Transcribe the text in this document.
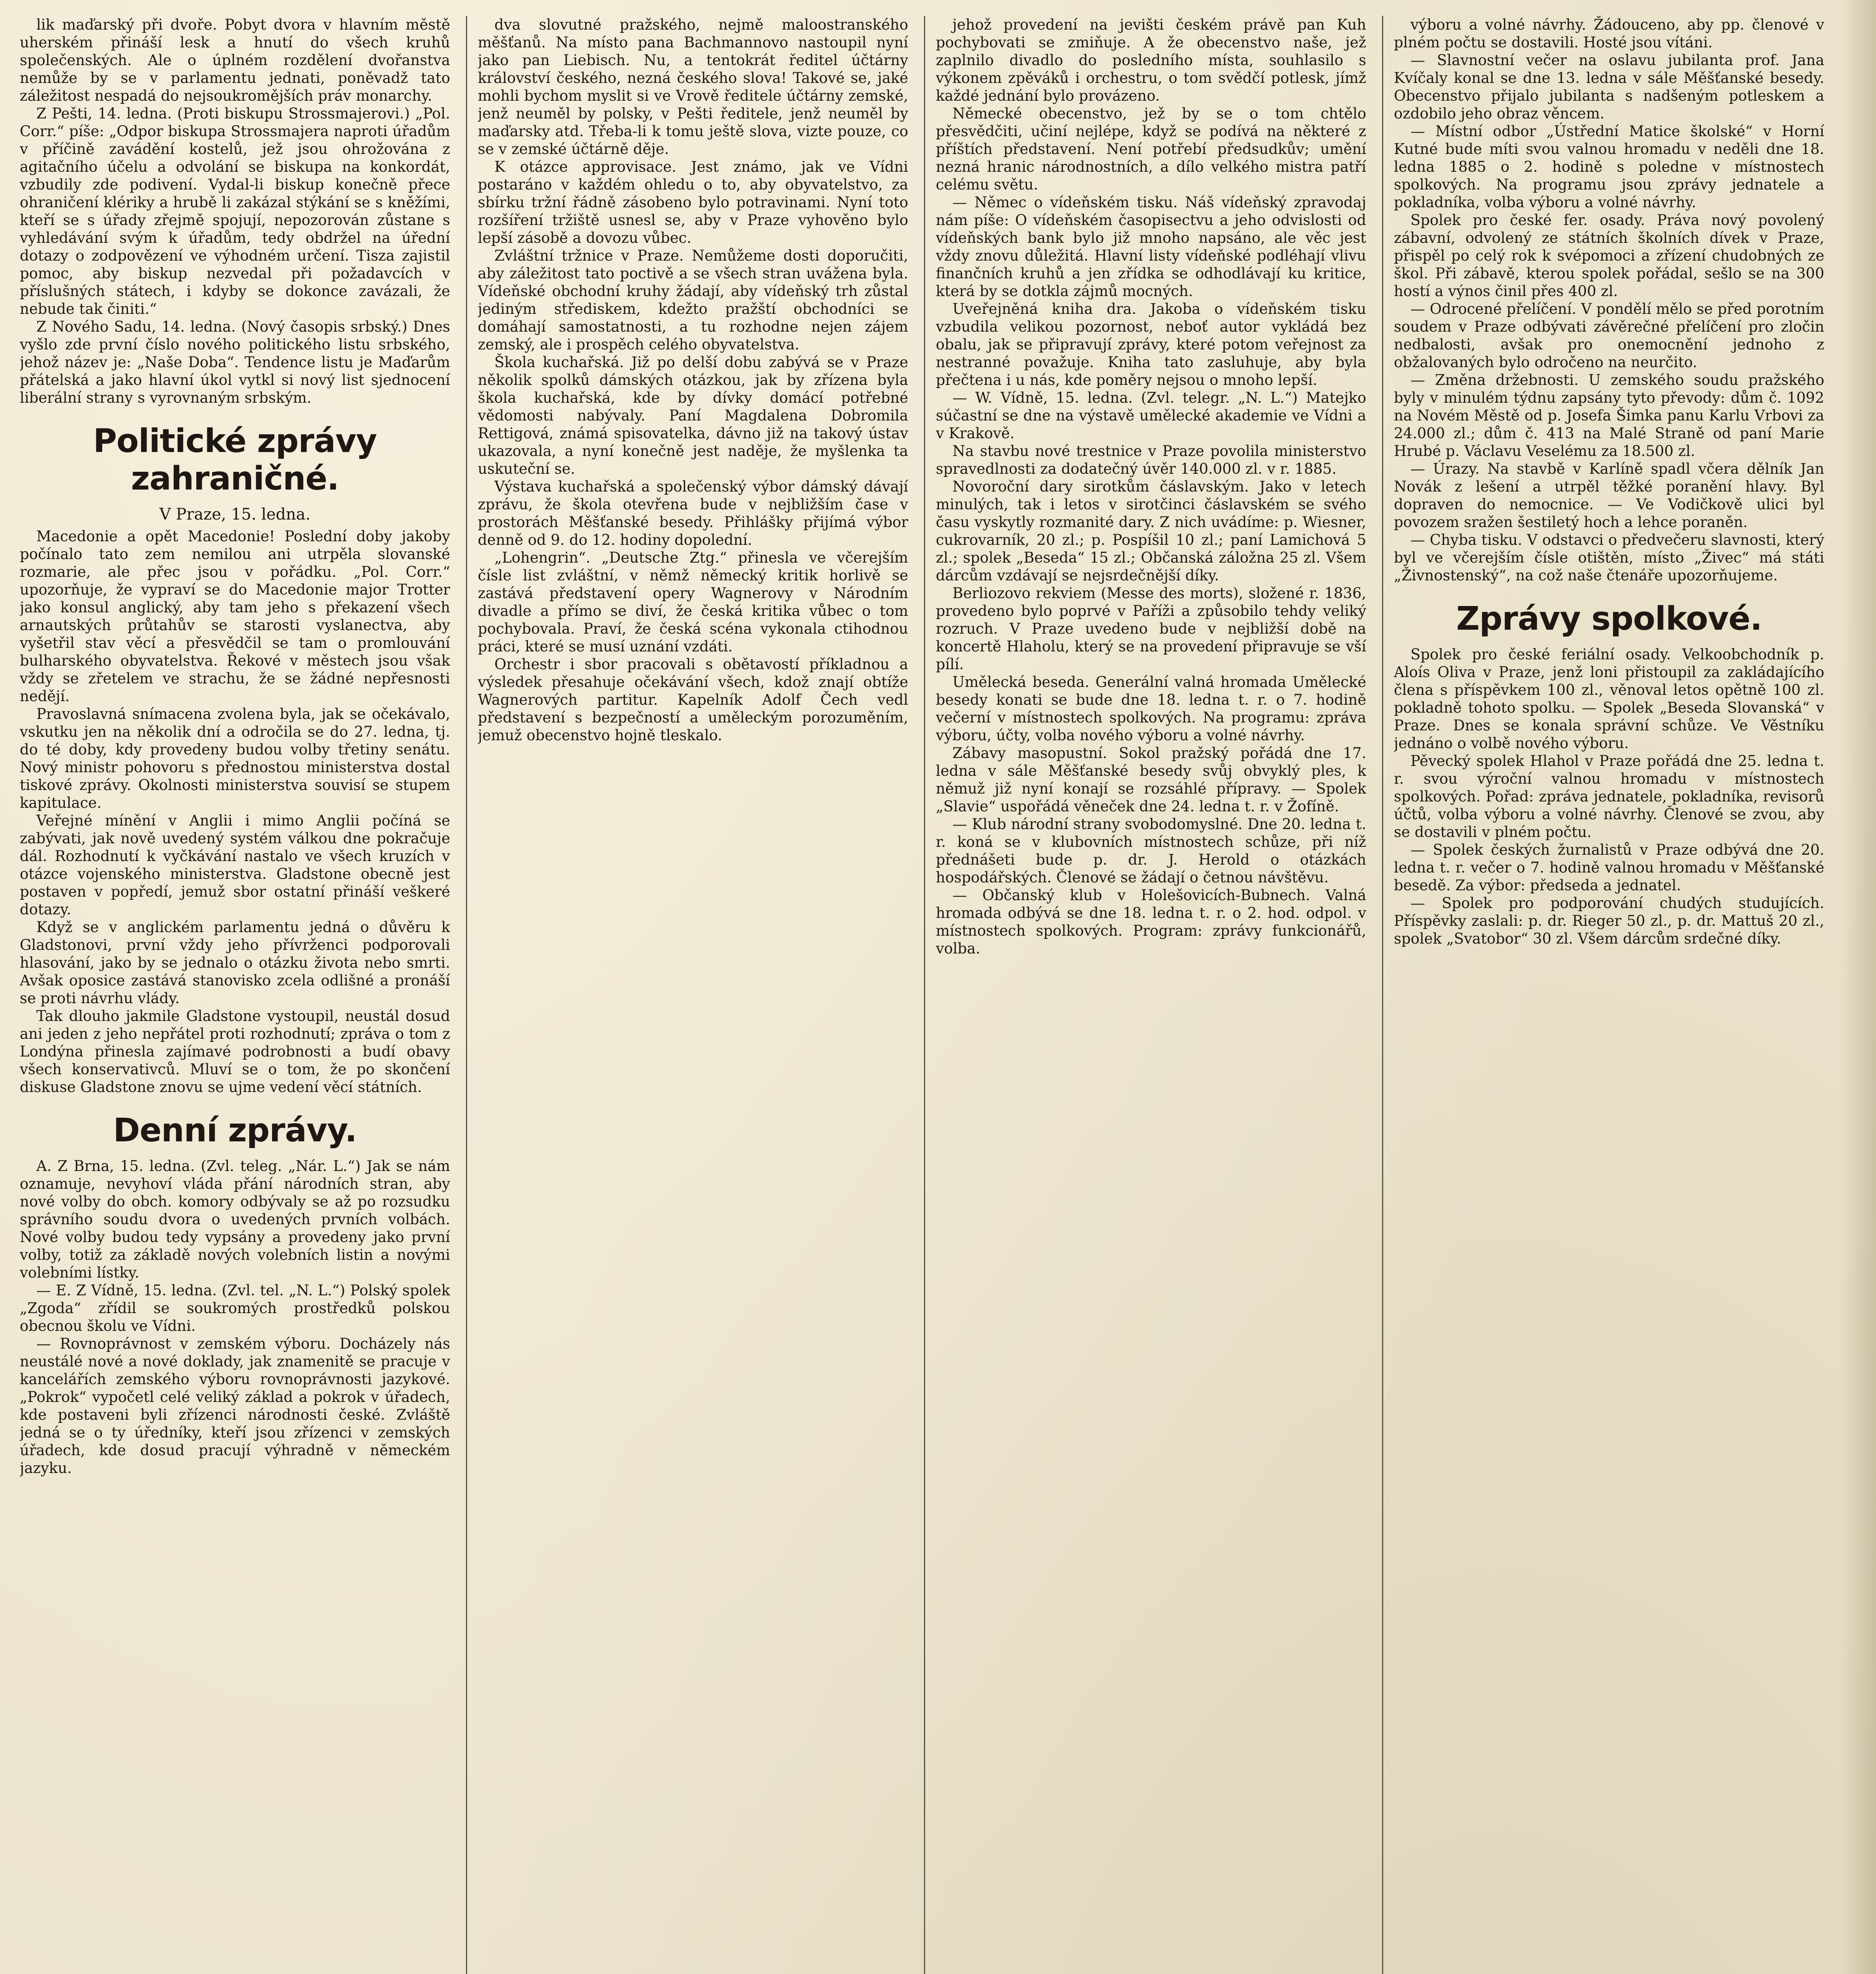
lik maďarský při dvoře. Pobyt dvora v hlavním městě uherském přináší lesk a hnutí do všech kruhů společenských. Ale o úplném rozdělení dvořanstva nemůže by se v parlamentu jednati, poněvadž tato záležitost nespadá do nejsoukromějších práv monarchy.

Z Pešti, 14. ledna. (Proti biskupu Strossmajerovi.) „Pol. Corr.“ píše: „Odpor biskupa Strossmajera naproti úřadům v příčině zavádění kostelů, jež jsou ohrožována z agitačního účelu a odvolání se biskupa na konkordát, vzbudily zde podivení. Vydal-li biskup konečně přece ohraničení klériky a hrubě li zakázal stýkání se s kněžími, kteří se s úřady zřejmě spojují, nepozorován zůstane s vyhledávání svým k úřadům, tedy obdržel na úřední dotazy o zodpovězení ve výhodném určení. Tisza zajistil pomoc, aby biskup nezvedal při požadavcích v příslušných státech, i kdyby se dokonce zavázali, že nebude tak činiti.“

Z Nového Sadu, 14. ledna. (Nový časopis srbský.) Dnes vyšlo zde první číslo nového politického listu srbského, jehož název je: „Naše Doba“. Tendence listu je Maďarům přátelská a jako hlavní úkol vytkl si nový list sjednocení liberální strany s vyrovnaným srbským.

Politické zprávy zahraničné.
V Praze, 15. ledna.

Macedonie a opět Macedonie! Poslední doby jakoby počínalo tato zem nemilou ani utrpěla slovanské rozmarie, ale přec jsou v pořádku. „Pol. Corr.“ upozorňuje, že vypraví se do Macedonie major Trotter jako konsul anglický, aby tam jeho s překazení všech arnautských průtahův se starosti vyslanectva, aby vyšetřil stav věcí a přesvědčil se tam o promlouvání bulharského obyvatelstva. Řekové v městech jsou však vždy se zřetelem ve strachu, že se žádné nepřesnosti nedějí.

Pravoslavná snímacena zvolena byla, jak se očekávalo, vskutku jen na několik dní a odročila se do 27. ledna, tj. do té doby, kdy provedeny budou volby třetiny senátu. Nový ministr pohovoru s přednostou ministerstva dostal tiskové zprávy. Okolnosti ministerstva souvisí se stupem kapitulace.

Veřejné mínění v Anglii i mimo Anglii počíná se zabývati, jak nově uvedený systém válkou dne pokračuje dál. Rozhodnutí k vyčkávání nastalo ve všech kruzích v otázce vojenského ministerstva. Gladstone obecně jest postaven v popředí, jemuž sbor ostatní přináší veškeré dotazy.

Když se v anglickém parlamentu jedná o důvěru k Gladstonovi, první vždy jeho přívrženci podporovali hlasování, jako by se jednalo o otázku života nebo smrti. Avšak oposice zastává stanovisko zcela odlišné a pronáší se proti návrhu vlády.

Tak dlouho jakmile Gladstone vystoupil, neustál dosud ani jeden z jeho nepřátel proti rozhodnutí; zpráva o tom z Londýna přinesla zajímavé podrobnosti a budí obavy všech konservativců. Mluví se o tom, že po skončení diskuse Gladstone znovu se ujme vedení věcí státních.

Denní zprávy.

A. Z Brna, 15. ledna. (Zvl. teleg. „Nár. L.“) Jak se nám oznamuje, nevyhoví vláda přání národních stran, aby nové volby do obch. komory odbývaly se až po rozsudku správního soudu dvora o uvedených prvních volbách. Nové volby budou tedy vypsány a provedeny jako první volby, totiž za základě nových volebních listin a novými volebními lístky.

— E. Z Vídně, 15. ledna. (Zvl. tel. „N. L.“) Polský spolek „Zgoda“ zřídil se soukromých prostředků polskou obecnou školu ve Vídni.

— Rovnoprávnost v zemském výboru. Docházely nás neustálé nové a nové doklady, jak znamenitě se pracuje v kancelářích zemského výboru rovnoprávnosti jazykové. „Pokrok“ vypočetl celé veliký základ a pokrok v úřadech, kde postaveni byli zřízenci národnosti české. Zvláště jedná se o ty úředníky, kteří jsou zřízenci v zemských úřadech, kde dosud pracují výhradně v německém jazyku.

dva slovutné pražského, nejmě maloostranského měšťanů. Na místo pana Bachmannovo nastoupil nyní jako pan Liebisch. Nu, a tentokrát ředitel účtárny království českého, nezná českého slova! Takové se, jaké mohli bychom myslit si ve Vrově ředitele účtárny zemské, jenž neuměl by polsky, v Pešti ředitele, jenž neuměl by maďarsky atd. Třeba-li k tomu ještě slova, vizte pouze, co se v zemské účtárně děje.

K otázce approvisace. Jest známo, jak ve Vídni postaráno v každém ohledu o to, aby obyvatelstvo, za sbírku tržní řádně zásobeno bylo potravinami. Nyní toto rozšíření tržiště usnesl se, aby v Praze vyhověno bylo lepší zásobě a dovozu vůbec.

Zvláštní tržnice v Praze. Nemůžeme dosti doporučiti, aby záležitost tato poctivě a se všech stran uvážena byla. Vídeňské obchodní kruhy žádají, aby vídeňský trh zůstal jediným střediskem, kdežto pražští obchodníci se domáhají samostatnosti, a tu rozhodne nejen zájem zemský, ale i prospěch celého obyvatelstva.

Škola kuchařská. Již po delší dobu zabývá se v Praze několik spolků dámských otázkou, jak by zřízena byla škola kuchařská, kde by dívky domácí potřebné vědomosti nabývaly. Paní Magdalena Dobromila Rettigová, známá spisovatelka, dávno již na takový ústav ukazovala, a nyní konečně jest naděje, že myšlenka ta uskuteční se.

Výstava kuchařská a společenský výbor dámský dávají zprávu, že škola otevřena bude v nejbližším čase v prostorách Měšťanské besedy. Přihlášky přijímá výbor denně od 9. do 12. hodiny dopolední.

„Lohengrin“. „Deutsche Ztg.“ přinesla ve včerejším čísle list zvláštní, v němž německý kritik horlivě se zastává představení opery Wagnerovy v Národním divadle a přímo se diví, že česká kritika vůbec o tom pochybovala. Praví, že česká scéna vykonala ctihodnou práci, které se musí uznání vzdáti.

Orchestr i sbor pracovali s obětavostí příkladnou a výsledek přesahuje očekávání všech, kdož znají obtíže Wagnerových partitur. Kapelník Adolf Čech vedl představení s bezpečností a uměleckým porozuměním, jemuž obecenstvo hojně tleskalo.

jehož provedení na jevišti českém právě pan Kuh pochybovati se zmiňuje. A že obecenstvo naše, jež zaplnilo divadlo do posledního místa, souhlasilo s výkonem zpěváků i orchestru, o tom svědčí potlesk, jímž každé jednání bylo provázeno.

Německé obecenstvo, jež by se o tom chtělo přesvědčiti, učiní nejlépe, když se podívá na některé z příštích představení. Není potřebí předsudkův; umění nezná hranic národnostních, a dílo velkého mistra patří celému světu.

— Němec o vídeňském tisku. Náš vídeňský zpravodaj nám píše: O vídeňském časopisectvu a jeho odvislosti od vídeňských bank bylo již mnoho napsáno, ale věc jest vždy znovu důležitá. Hlavní listy vídeňské podléhají vlivu finančních kruhů a jen zřídka se odhodlávají ku kritice, která by se dotkla zájmů mocných.

Uveřejněná kniha dra. Jakoba o vídeňském tisku vzbudila velikou pozornost, neboť autor vykládá bez obalu, jak se připravují zprávy, které potom veřejnost za nestranné považuje. Kniha tato zasluhuje, aby byla přečtena i u nás, kde poměry nejsou o mnoho lepší.

— W. Vídně, 15. ledna. (Zvl. telegr. „N. L.“) Matejko súčastní se dne na výstavě umělecké akademie ve Vídni a v Krakově.

Na stavbu nové trestnice v Praze povolila ministerstvo spravedlnosti za dodatečný úvěr 140.000 zl. v r. 1885.

Novoroční dary sirotkům čáslavským. Jako v letech minulých, tak i letos v sirotčinci čáslavském se svého času vyskytly rozmanité dary. Z nich uvádíme: p. Wiesner, cukrovarník, 20 zl.; p. Pospíšil 10 zl.; paní Lamichová 5 zl.; spolek „Beseda“ 15 zl.; Občanská záložna 25 zl. Všem dárcům vzdávají se nejsrdečnější díky.

Berliozovo rekviem (Messe des morts), složené r. 1836, provedeno bylo poprvé v Paříži a způsobilo tehdy veliký rozruch. V Praze uvedeno bude v nejbližší době na koncertě Hlaholu, který se na provedení připravuje se vší pílí.

Umělecká beseda. Generální valná hromada Umělecké besedy konati se bude dne 18. ledna t. r. o 7. hodině večerní v místnostech spolkových. Na programu: zpráva výboru, účty, volba nového výboru a volné návrhy.

Zábavy masopustní. Sokol pražský pořádá dne 17. ledna v sále Měšťanské besedy svůj obvyklý ples, k němuž již nyní konají se rozsáhlé přípravy. — Spolek „Slavie“ uspořádá věneček dne 24. ledna t. r. v Žofíně.

— Klub národní strany svobodomyslné. Dne 20. ledna t. r. koná se v klubovních místnostech schůze, při níž přednášeti bude p. dr. J. Herold o otázkách hospodářských. Členové se žádají o četnou návštěvu.

— Občanský klub v Holešovicích-Bubnech. Valná hromada odbývá se dne 18. ledna t. r. o 2. hod. odpol. v místnostech spolkových. Program: zprávy funkcionářů, volba.

výboru a volné návrhy. Žádouceno, aby pp. členové v plném počtu se dostavili. Hosté jsou vítáni.

— Slavnostní večer na oslavu jubilanta prof. Jana Kvíčaly konal se dne 13. ledna v sále Měšťanské besedy. Obecenstvo přijalo jubilanta s nadšeným potleskem a ozdobilo jeho obraz věncem.

— Místní odbor „Ústřední Matice školské“ v Horní Kutné bude míti svou valnou hromadu v neděli dne 18. ledna 1885 o 2. hodině s poledne v místnostech spolkových. Na programu jsou zprávy jednatele a pokladníka, volba výboru a volné návrhy.

Spolek pro české fer. osady. Práva nový povolený zábavní, odvolený ze státních školních dívek v Praze, přispěl po celý rok k svépomoci a zřízení chudobných ze škol. Při zábavě, kterou spolek pořádal, sešlo se na 300 hostí a výnos činil přes 400 zl.

— Odrocené přelíčení. V pondělí mělo se před porotním soudem v Praze odbývati závěrečné přelíčení pro zločin nedbalosti, avšak pro onemocnění jednoho z obžalovaných bylo odročeno na neurčito.

— Změna držebnosti. U zemského soudu pražského byly v minulém týdnu zapsány tyto převody: dům č. 1092 na Novém Městě od p. Josefa Šimka panu Karlu Vrbovi za 24.000 zl.; dům č. 413 na Malé Straně od paní Marie Hrubé p. Václavu Veselému za 18.500 zl.

— Úrazy. Na stavbě v Karlíně spadl včera dělník Jan Novák z lešení a utrpěl těžké poranění hlavy. Byl dopraven do nemocnice. — Ve Vodičkově ulici byl povozem sražen šestiletý hoch a lehce poraněn.

— Chyba tisku. V odstavci o předvečeru slavnosti, který byl ve včerejším čísle otištěn, místo „Živec“ má státi „Živnostenský“, na což naše čtenáře upozorňujeme.

Zprávy spolkové.

Spolek pro české feriální osady. Velkoobchodník p. Aloís Oliva v Praze, jenž loni přistoupil za zakládajícího člena s příspěvkem 100 zl., věnoval letos opětně 100 zl. pokladně tohoto spolku. — Spolek „Beseda Slovanská“ v Praze. Dnes se konala správní schůze. Ve Věstníku jednáno o volbě nového výboru.

Pěvecký spolek Hlahol v Praze pořádá dne 25. ledna t. r. svou výroční valnou hromadu v místnostech spolkových. Pořad: zpráva jednatele, pokladníka, revisorů účtů, volba výboru a volné návrhy. Členové se zvou, aby se dostavili v plném počtu.

— Spolek českých žurnalistů v Praze odbývá dne 20. ledna t. r. večer o 7. hodině valnou hromadu v Měšťanské besedě. Za výbor: předseda a jednatel.

— Spolek pro podporování chudých studujících. Příspěvky zaslali: p. dr. Rieger 50 zl., p. dr. Mattuš 20 zl., spolek „Svatobor“ 30 zl. Všem dárcům srdečné díky.
